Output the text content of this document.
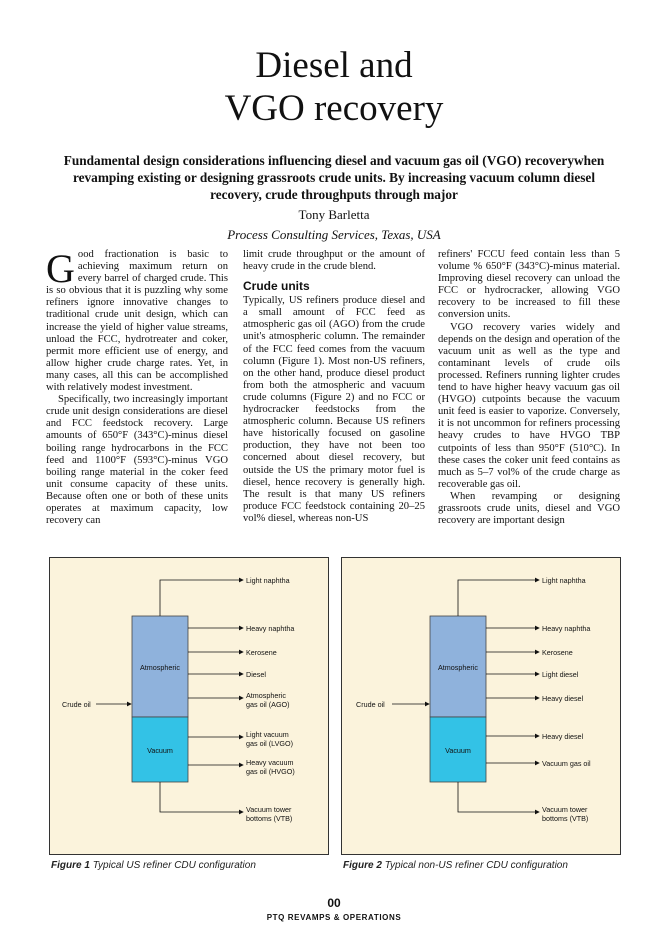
Diesel and
VGO recovery
Fundamental design considerations influencing diesel and vacuum gas oil (VGO) recoverywhen revamping existing or designing grassroots crude units. By increasing vacuum column diesel recovery, crude throughputs through major
Tony Barletta
Process Consulting Services, Texas, USA

Good fractionation is basic to achieving maximum return on every barrel of charged crude. This is so obvious that it is puzzling why some refiners ignore innovative changes to traditional crude unit design, which can increase the yield of higher value streams, unload the FCC, hydrotreater and coker, permit more efficient use of energy, and allow higher crude charge rates. Yet, in many cases, all this can be accomplished with relatively modest investment.

Specifically, two increasingly important crude unit design considerations are diesel and FCC feedstock recovery. Large amounts of 650°F (343°C)-minus diesel boiling range hydrocarbons in the FCC feed and 1100°F (593°C)-minus VGO boiling range material in the coker feed unit consume capacity of these units. Because often one or both of these units operates at maximum capacity, low recovery can

limit crude throughput or the amount of heavy crude in the crude blend.

Crude units

Typically, US refiners produce diesel and a small amount of FCC feed as atmospheric gas oil (AGO) from the crude unit's atmospheric column. The remainder of the FCC feed comes from the vacuum column (Figure 1). Most non-US refiners, on the other hand, produce diesel product from both the atmospheric and vacuum crude columns (Figure 2) and no FCC or hydrocracker feedstocks from the atmospheric column. Because US refiners have historically focused on gasoline production, they have not been too concerned about diesel recovery, but outside the US the primary motor fuel is diesel, hence recovery is generally high. The result is that many US refiners produce FCC feedstock containing 20–25 vol% diesel, whereas non-US

refiners' FCCU feed contain less than 5 volume % 650°F (343°C)-minus material. Improving diesel recovery can unload the FCC or hydrocracker, allowing VGO recovery to be increased to fill these conversion units.

VGO recovery varies widely and depends on the design and operation of the vacuum unit as well as the type and contaminant levels of crude oils processed. Refiners running lighter crudes tend to have higher heavy vacuum gas oil (HVGO) cutpoints because the vacuum unit feed is easier to vaporize. Conversely, it is not uncommon for refiners processing heavy crudes to have HVGO TBP cutpoints of less than 950°F (510°C). In these cases the coker unit feed contains as much as 5–7 vol% of the crude charge as recoverable gas oil.

When revamping or designing grassroots crude units, diesel and VGO recovery are important design

Atmospheric
Vacuum
Crude oil
Light naphtha
Heavy naphtha
Kerosene
Diesel
Atmospheric
gas oil (AGO)
Light vacuum
gas oil (LVGO)
Heavy vacuum
gas oil (HVGO)
Vacuum tower
bottoms (VTB)
Figure 1 Typical US refiner CDU configuration
Atmospheric
Vacuum
Crude oil
Light naphtha
Heavy naphtha
Kerosene
Light diesel
Heavy diesel
Heavy diesel
Vacuum gas oil
Vacuum tower
bottoms (VTB)
Figure 2 Typical non-US refiner CDU configuration
00
PTQ REVAMPS & OPERATIONS
